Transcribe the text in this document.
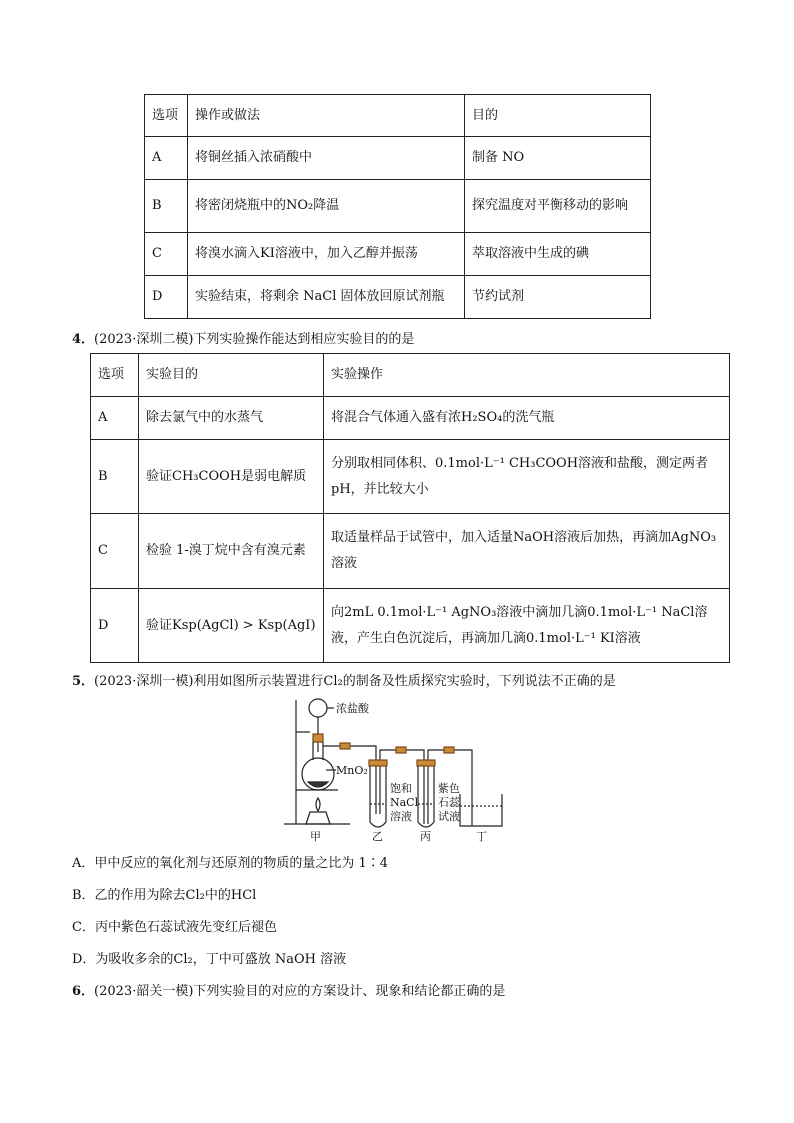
选项	操作或做法	目的
A	将铜丝插入浓硝酸中	制备 NO
B	将密闭烧瓶中的NO₂降温	探究温度对平衡移动的影响
C	将溴水滴入KI溶液中，加入乙醇并振荡	萃取溶液中生成的碘
D	实验结束，将剩余 NaCl 固体放回原试剂瓶	节约试剂
4．(2023·深圳二模)下列实验操作能达到相应实验目的的是
选项	实验目的	实验操作
A	除去氯气中的水蒸气	将混合气体通入盛有浓H₂SO₄的洗气瓶
B	验证CH₃COOH是弱电解质	分别取相同体积、0.1mol·L⁻¹ CH₃COOH溶液和盐酸，测定两者 pH，并比较大小
C	检验 1-溴丁烷中含有溴元素	取适量样品于试管中，加入适量NaOH溶液后加热，再滴加AgNO₃溶液
D	验证Ksp(AgCl) > Ksp(AgI)	向2mL 0.1mol·L⁻¹ AgNO₃溶液中滴加几滴0.1mol·L⁻¹ NaCl溶液，产生白色沉淀后，再滴加几滴0.1mol·L⁻¹ KI溶液
5．(2023·深圳一模)利用如图所示装置进行Cl₂的制备及性质探究实验时，下列说法不正确的是
浓盐酸
MnO₂
饱和
NaCl
溶液
紫色
石蕊
试液
甲	乙	丙	丁
A．甲中反应的氧化剂与还原剂的物质的量之比为 1∶4
B．乙的作用为除去Cl₂中的HCl
C．丙中紫色石蕊试液先变红后褪色
D．为吸收多余的Cl₂，丁中可盛放 NaOH 溶液
6．(2023·韶关一模)下列实验目的对应的方案设计、现象和结论都正确的是
